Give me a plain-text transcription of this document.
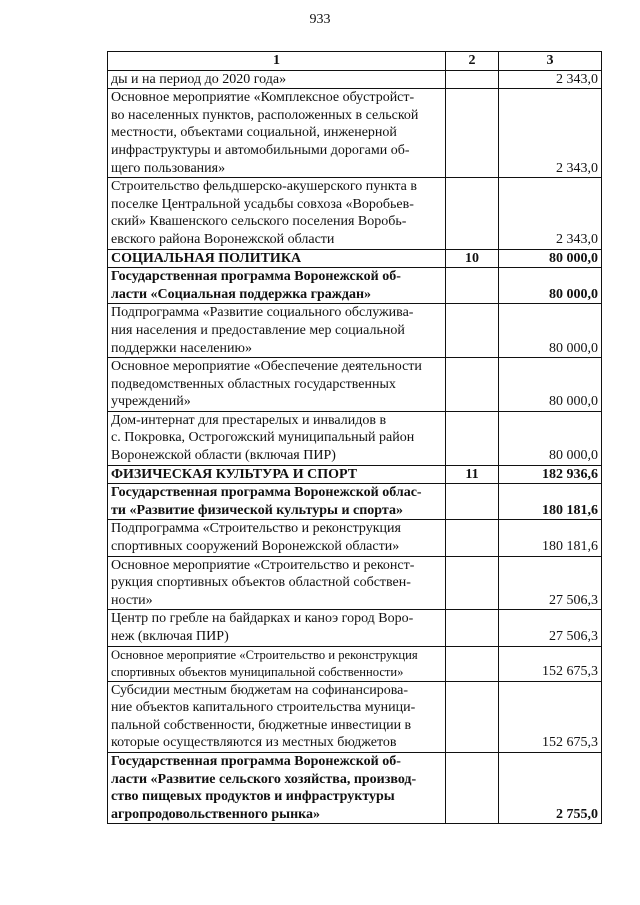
933
1	2	3

ды и на период до 2020 года»		2 343,0

Основное мероприятие «Комплексное обустройст-
во населенных пунктов, расположенных в сельской
местности, объектами социальной, инженерной
инфраструктуры и автомобильными дорогами об-
щего пользования»		2 343,0

Строительство фельдшерско-акушерского пункта в
поселке Центральной усадьбы совхоза «Воробьев-
ский» Квашенского сельского поселения Воробь-
евского района Воронежской области		2 343,0

СОЦИАЛЬНАЯ ПОЛИТИКА	10	80 000,0

Государственная программа Воронежской об-
ласти «Социальная поддержка граждан»		80 000,0

Подпрограмма «Развитие социального обслужива-
ния населения и предоставление мер социальной
поддержки населению»		80 000,0

Основное мероприятие «Обеспечение деятельности
подведомственных областных государственных
учреждений»		80 000,0

Дом-интернат для престарелых и инвалидов в
с. Покровка, Острогожский муниципальный район
Воронежской области (включая ПИР)		80 000,0

ФИЗИЧЕСКАЯ КУЛЬТУРА И СПОРТ	11	182 936,6

Государственная программа Воронежской облас-
ти «Развитие физической культуры и спорта»		180 181,6

Подпрограмма «Строительство и реконструкция
спортивных сооружений Воронежской области»		180 181,6

Основное мероприятие «Строительство и реконст-
рукция спортивных объектов областной собствен-
ности»		27 506,3

Центр по гребле на байдарках и каноэ город Воро-
неж (включая ПИР)		27 506,3

Основное мероприятие «Строительство и реконструкция
спортивных объектов муниципальной собственности»		152 675,3

Субсидии местным бюджетам на софинансирова-
ние объектов капитального строительства муници-
пальной собственности, бюджетные инвестиции в
которые осуществляются из местных бюджетов		152 675,3

Государственная программа Воронежской об-
ласти «Развитие сельского хозяйства, производ-
ство пищевых продуктов и инфраструктуры
агропродовольственного рынка»		2 755,0
